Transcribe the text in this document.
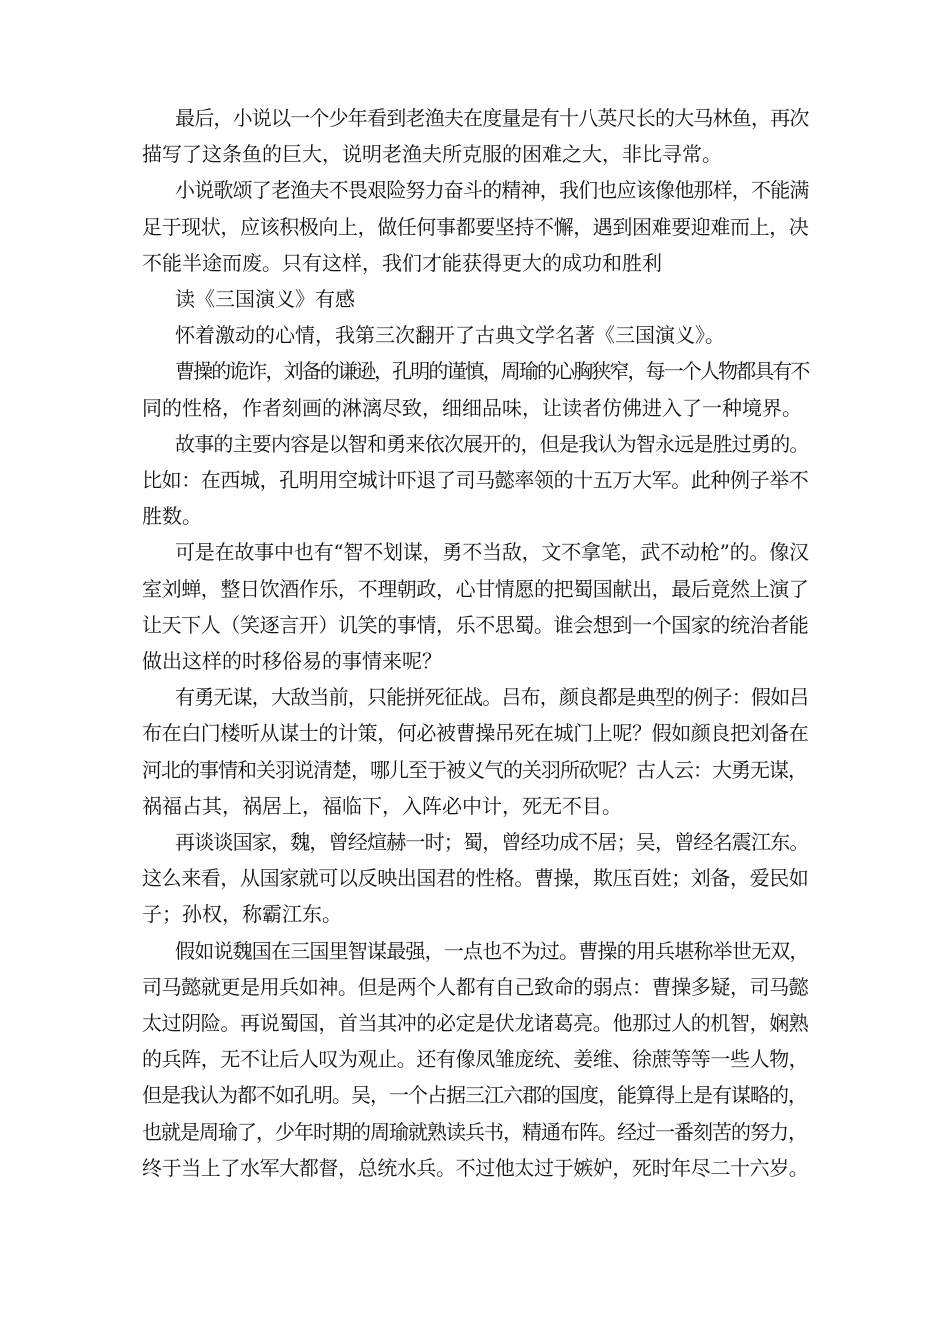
最后，小说以一个少年看到老渔夫在度量是有十八英尺长的大马林鱼，再次

描写了这条鱼的巨大，说明老渔夫所克服的困难之大，非比寻常。

小说歌颂了老渔夫不畏艰险努力奋斗的精神，我们也应该像他那样，不能满

足于现状，应该积极向上，做任何事都要坚持不懈，遇到困难要迎难而上，决

不能半途而废。只有这样，我们才能获得更大的成功和胜利

读《三国演义》有感

怀着激动的心情，我第三次翻开了古典文学名著《三国演义》。

曹操的诡诈，刘备的谦逊，孔明的谨慎，周瑜的心胸狭窄，每一个人物都具有不

同的性格，作者刻画的淋漓尽致，细细品味，让读者仿佛进入了一种境界。

故事的主要内容是以智和勇来依次展开的，但是我认为智永远是胜过勇的。

比如：在西城，孔明用空城计吓退了司马懿率领的十五万大军。此种例子举不

胜数。

可是在故事中也有“智不划谋，勇不当敌，文不拿笔，武不动枪”的。像汉

室刘蝉，整日饮酒作乐，不理朝政，心甘情愿的把蜀国献出，最后竟然上演了

让天下人（笑逐言开）讥笑的事情，乐不思蜀。谁会想到一个国家的统治者能

做出这样的时移俗易的事情来呢？

有勇无谋，大敌当前，只能拼死征战。吕布，颜良都是典型的例子：假如吕

布在白门楼听从谋士的计策，何必被曹操吊死在城门上呢？假如颜良把刘备在

河北的事情和关羽说清楚，哪儿至于被义气的关羽所砍呢？古人云：大勇无谋，

祸福占其，祸居上，福临下，入阵必中计，死无不目。

再谈谈国家，魏，曾经煊赫一时；蜀，曾经功成不居；吴，曾经名震江东。

这么来看，从国家就可以反映出国君的性格。曹操，欺压百姓；刘备，爱民如

子；孙权，称霸江东。

假如说魏国在三国里智谋最强，一点也不为过。曹操的用兵堪称举世无双，

司马懿就更是用兵如神。但是两个人都有自己致命的弱点：曹操多疑，司马懿

太过阴险。再说蜀国，首当其冲的必定是伏龙诸葛亮。他那过人的机智，娴熟

的兵阵，无不让后人叹为观止。还有像凤雏庞统、姜维、徐蔗等等一些人物，

但是我认为都不如孔明。吴，一个占据三江六郡的国度，能算得上是有谋略的，

也就是周瑜了，少年时期的周瑜就熟读兵书，精通布阵。经过一番刻苦的努力，

终于当上了水军大都督，总统水兵。不过他太过于嫉妒，死时年尽二十六岁。
